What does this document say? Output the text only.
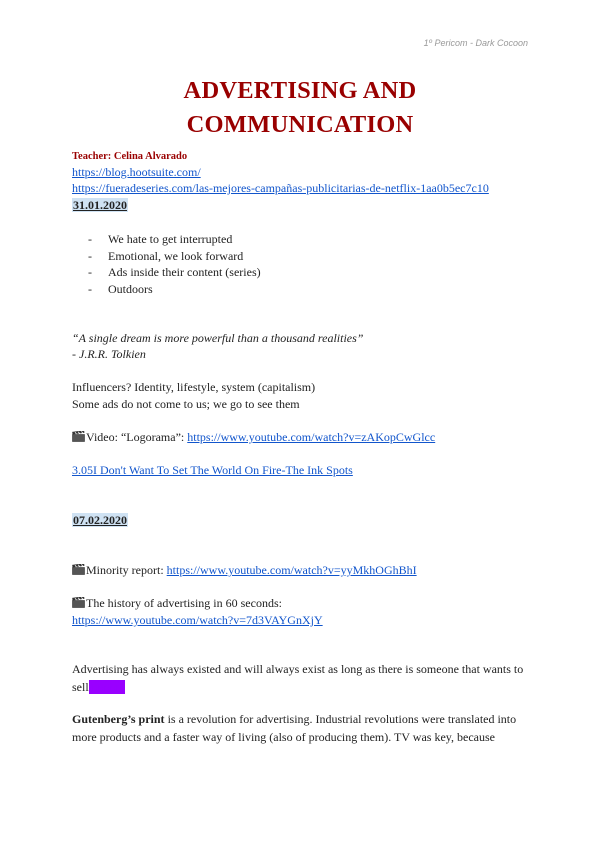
1º Pericom - Dark Cocoon
ADVERTISING AND
COMMUNICATION
Teacher: Celina Alvarado
https://blog.hootsuite.com/
https://fueradeseries.com/las-mejores-campañas-publicitarias-de-netflix-1aa0b5ec7c10
31.01.2020
- We hate to get interrupted
- Emotional, we look forward
- Ads inside their content (series)
- Outdoors
“A single dream is more powerful than a thousand realities”
- J.R.R. Tolkien
Influencers? Identity, lifestyle, system (capitalism)
Some ads do not come to us; we go to see them
Video: “Logorama”: https://www.youtube.com/watch?v=zAKopCwGlcc
3.05I Don't Want To Set The World On Fire-The Ink Spots
07.02.2020
Minority report: https://www.youtube.com/watch?v=yyMkhOGhBhI
The history of advertising in 60 seconds:
https://www.youtube.com/watch?v=7d3VAYGnXjY
Advertising has always existed and will always exist as long as there is someone that wants to
sellxxxxxx
Gutenberg’s print is a revolution for advertising. Industrial revolutions were translated into
more products and a faster way of living (also of producing them). TV was key, because
